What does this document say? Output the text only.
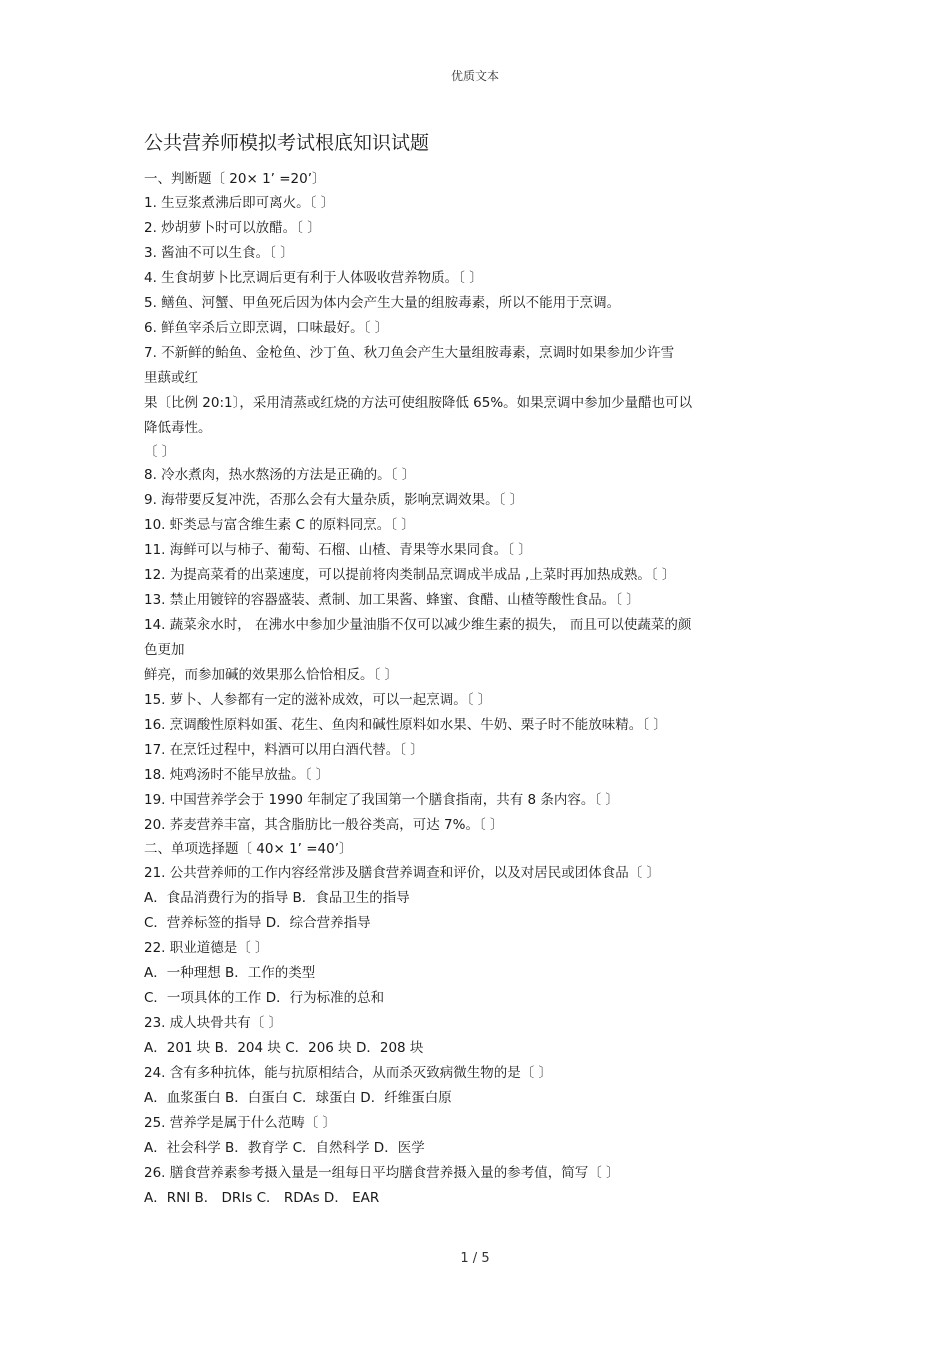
优质文本
公共营养师模拟考试根底知识试题
一、判断题〔 20× 1’ =20’〕
1. 生豆浆煮沸后即可离火。〔 〕
2. 炒胡萝卜时可以放醋。〔 〕
3. 酱油不可以生食。〔 〕
4. 生食胡萝卜比烹调后更有利于人体吸收营养物质。〔 〕
5. 鳝鱼、河蟹、甲鱼死后因为体内会产生大量的组胺毒素，所以不能用于烹调。
6. 鲜鱼宰杀后立即烹调，口味最好。〔 〕
7. 不新鲜的鲐鱼、金枪鱼、沙丁鱼、秋刀鱼会产生大量组胺毒素，烹调时如果参加少许雪
里蕻或红
果〔比例 20:1〕，采用清蒸或红烧的方法可使组胺降低 65%。如果烹调中参加少量醋也可以
降低毒性。
〔 〕
8. 冷水煮肉，热水熬汤的方法是正确的。〔 〕
9. 海带要反复冲洗，否那么会有大量杂质，影响烹调效果。〔 〕
10. 虾类忌与富含维生素 C 的原料同烹。〔 〕
11. 海鲜可以与柿子、葡萄、石榴、山楂、青果等水果同食。〔 〕
12. 为提高菜肴的出菜速度，可以提前将肉类制品烹调成半成品 ,上菜时再加热成熟。〔 〕
13. 禁止用镀锌的容器盛装、煮制、加工果酱、蜂蜜、食醋、山楂等酸性食品。〔 〕
14. 蔬菜汆水时， 在沸水中参加少量油脂不仅可以减少维生素的损失， 而且可以使蔬菜的颜
色更加
鲜亮，而参加碱的效果那么恰恰相反。〔 〕
15. 萝卜、人参都有一定的滋补成效，可以一起烹调。〔 〕
16. 烹调酸性原料如蛋、花生、鱼肉和碱性原料如水果、牛奶、栗子时不能放味精。〔 〕
17. 在烹饪过程中，料酒可以用白酒代替。〔 〕
18. 炖鸡汤时不能早放盐。〔 〕
19. 中国营养学会于 1990 年制定了我国第一个膳食指南，共有 8 条内容。〔 〕
20. 荞麦营养丰富，其含脂肪比一般谷类高，可达 7%。〔 〕
二、单项选择题〔 40× 1’ =40’〕
21. 公共营养师的工作内容经常涉及膳食营养调查和评价，以及对居民或团体食品〔 〕
A．食品消费行为的指导 B．食品卫生的指导
C．营养标签的指导 D．综合营养指导
22. 职业道德是〔 〕
A．一种理想 B．工作的类型
C．一项具体的工作 D．行为标准的总和
23. 成人块骨共有〔 〕
A．201 块 B．204 块 C．206 块 D．208 块
24. 含有多种抗体，能与抗原相结合，从而杀灭致病微生物的是〔 〕
A．血浆蛋白 B．白蛋白 C．球蛋白 D．纤维蛋白原
25. 营养学是属于什么范畴〔 〕
A．社会科学 B．教育学 C．自然科学 D．医学
26. 膳食营养素参考摄入量是一组每日平均膳食营养摄入量的参考值，简写〔 〕
A．RNI B． DRIs C． RDAs D． EAR
1 / 5
